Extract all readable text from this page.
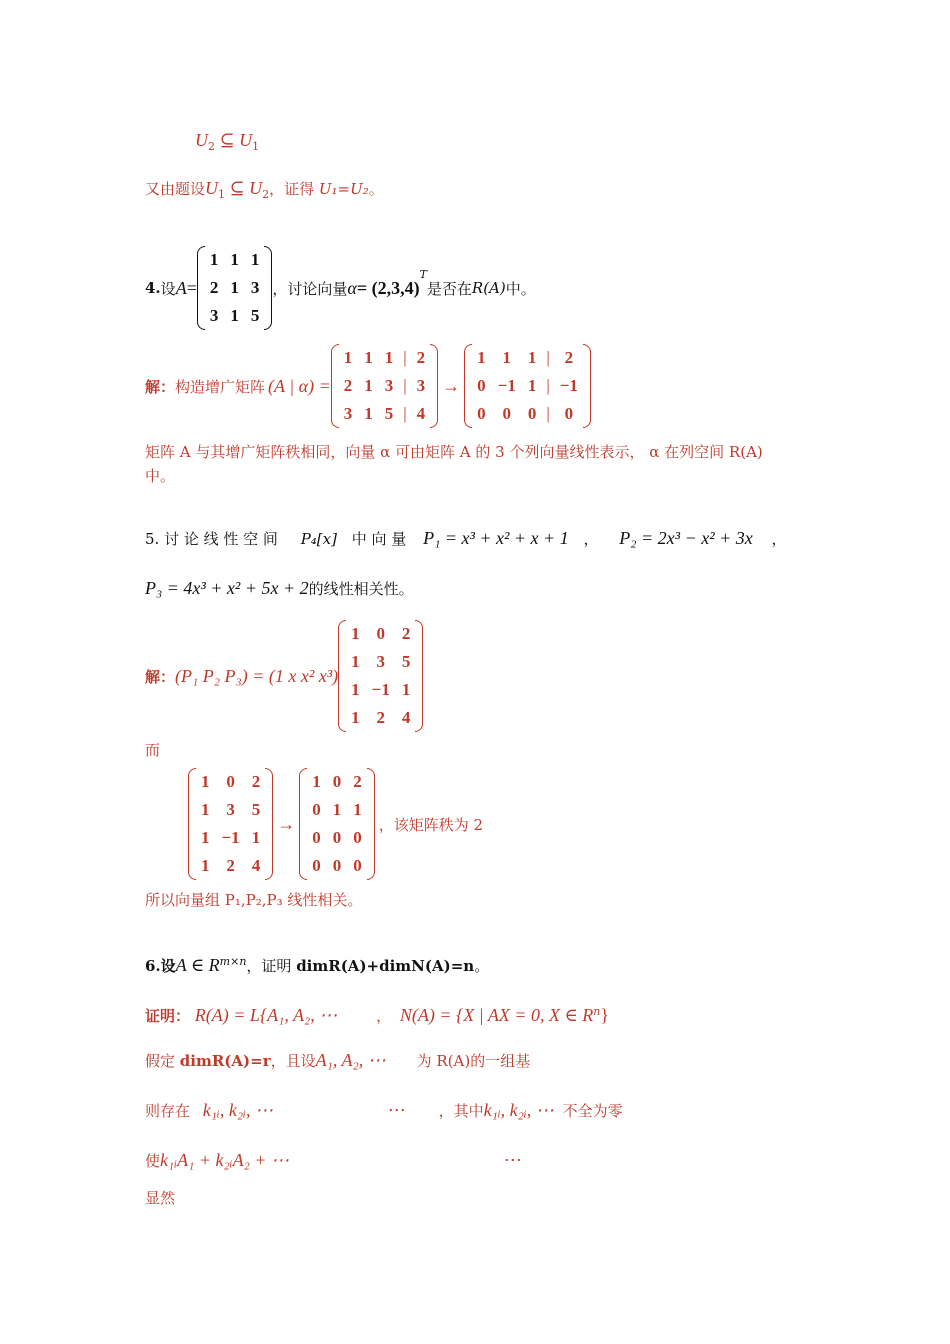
$U_2$ ⊆ $U_1$
又由题设$U_1$ ⊆ $U_2$，证得 U₁=U₂。
4. 设 A =
1	1	1
2	1	3
3	1	5
，讨论向量 α = (2,3,4)
$^T$
是否在 R(A) 中。
解： 构造增广矩阵 (A | α) =
1	1	1	|	2
2	1	3	|	3
3	1	5	|	4
→
1	1	1	|	2
0	−1	1	|	−1
0	0	0	|	0
矩阵 A 与其增广矩阵秩相同，向量 α 可由矩阵 A 的 3 个列向量线性表示， α 在列空间 R(A)
中。
5. 讨 论 线 性 空 间 P₄[x] 中 向 量 P₁ = x³ + x² + x + 1 ， P₂ = 2x³ − x² + 3x ，
P₃ = 4x³ + x² + 5x + 2的线性相关性。
解： (P₁ P₂ P₃) = (1 x x² x³)
1	0	2
1	3	5
1	−1	1
1	2	4
而
1	0	2
1	3	5
1	−1	1
1	2	4
→
1	0	2
0	1	1
0	0	0
0	0	0
，该矩阵秩为 2
所以向量组 P₁,P₂,P₃ 线性相关。
6.设A ∈ $R^{m\times n}$，证明 dimR(A)+dimN(A)=n。
证明： R(A) = L{A₁, A₂, ⋯	， N(A) = {X | AX = 0, X ∈ $R^n$}
假定 dimR(A)=r，且设A₁, A₂, ⋯ 为 R(A)的一组基
则存在 k₁ᵢ, k₂ᵢ, ⋯	⋯ ，其中k₁ᵢ, k₂ᵢ, ⋯ 不全为零
使k₁ᵢA₁ + k₂ᵢA₂ + ⋯	⋯
显然
